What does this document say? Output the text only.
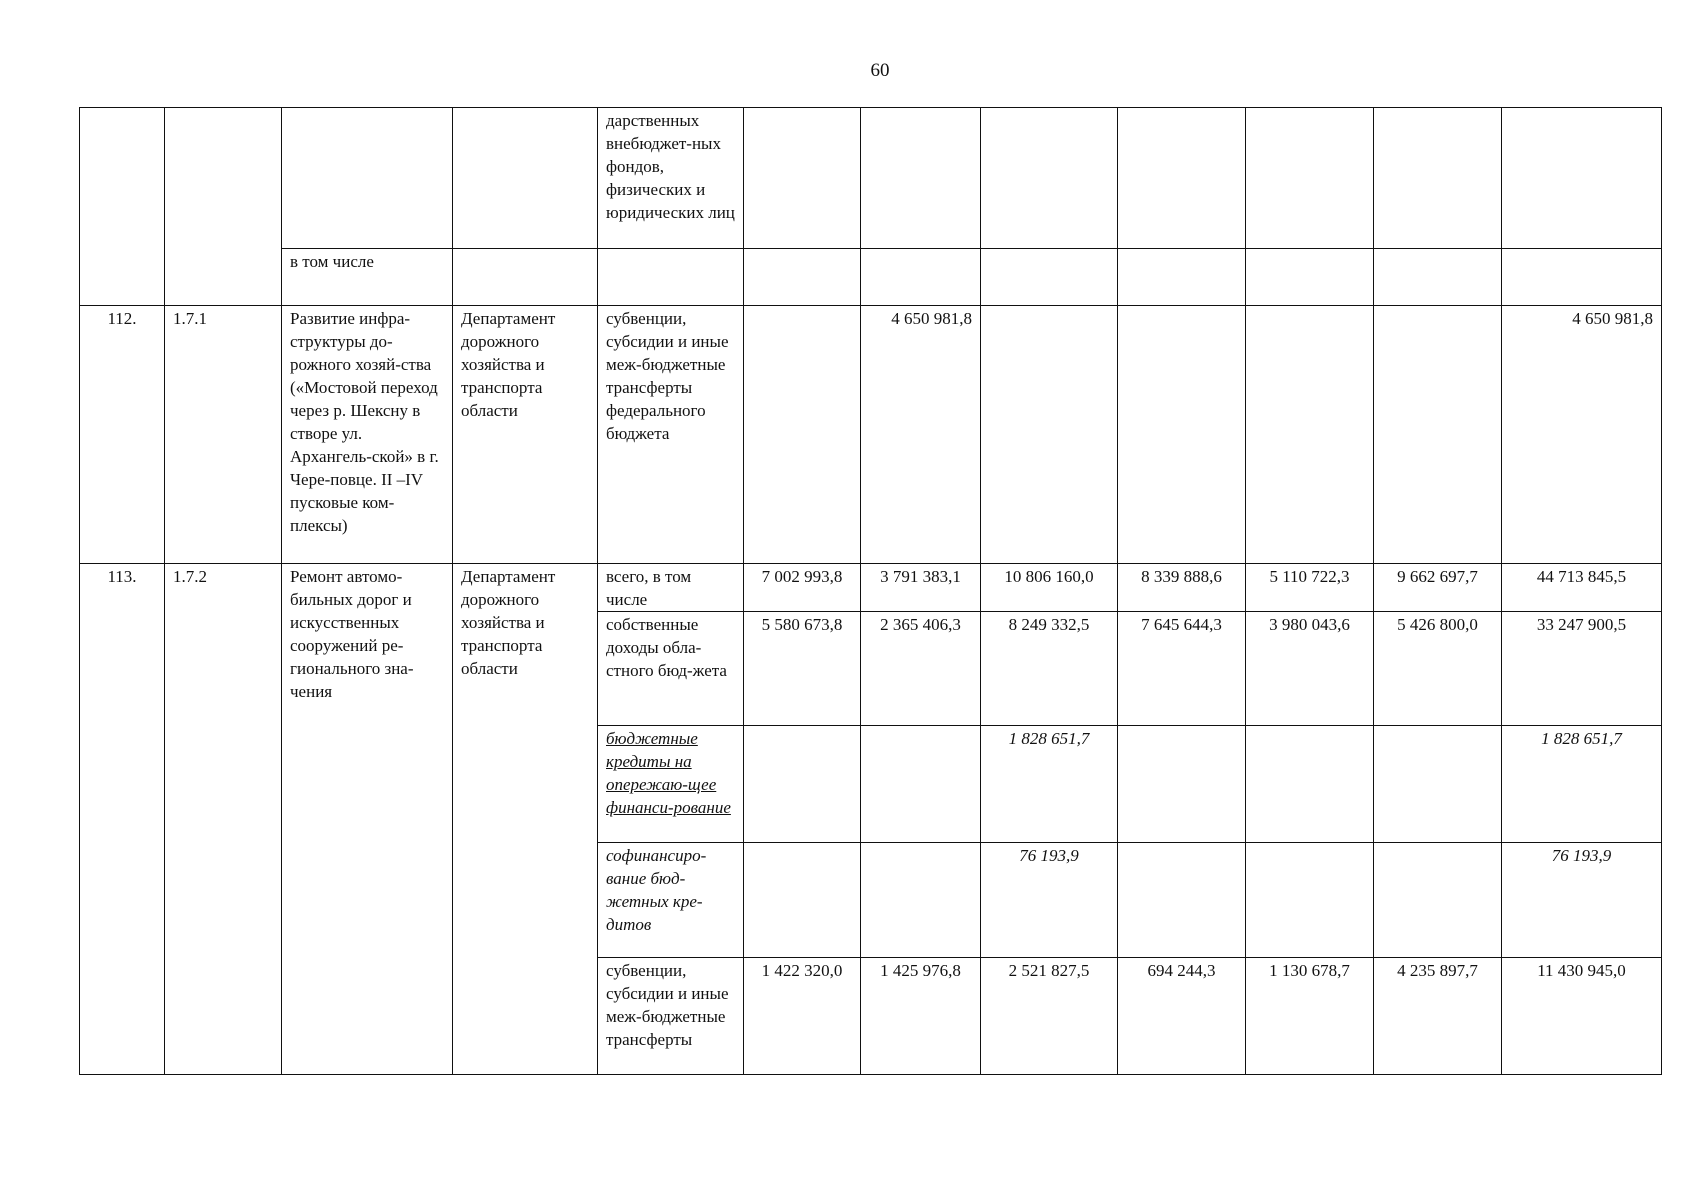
60
				дарственных внебюджет-ных фондов, физических и юридических лиц							
		в том числе									
112.	1.7.1	Развитие инфра-структуры до-рожного хозяй-ства («Мостовой переход через р. Шексну в створе ул. Архангель-ской» в г. Чере-повце. II –IV пусковые ком-плексы)	Департамент дорожного хозяйства и транспорта области	субвенции, субсидии и иные меж-бюджетные трансферты федерального бюджета		4 650 981,8					4 650 981,8
113.	1.7.2	Ремонт автомо-бильных дорог и искусственных сооружений ре-гионального зна-чения	Департамент дорожного хозяйства и транспорта области	всего, в том числе	7 002 993,8	3 791 383,1	10 806 160,0	8 339 888,6	5 110 722,3	9 662 697,7	44 713 845,5
				собственные доходы обла-стного бюд-жета	5 580 673,8	2 365 406,3	8 249 332,5	7 645 644,3	3 980 043,6	5 426 800,0	33 247 900,5
				бюджетные кредиты на опережаю-щее финанси-рование			1 828 651,7				1 828 651,7
				софинансиро-вание бюд-жетных кре-дитов			76 193,9				76 193,9
				субвенции, субсидии и иные меж-бюджетные трансферты	1 422 320,0	1 425 976,8	2 521 827,5	694 244,3	1 130 678,7	4 235 897,7	11 430 945,0
